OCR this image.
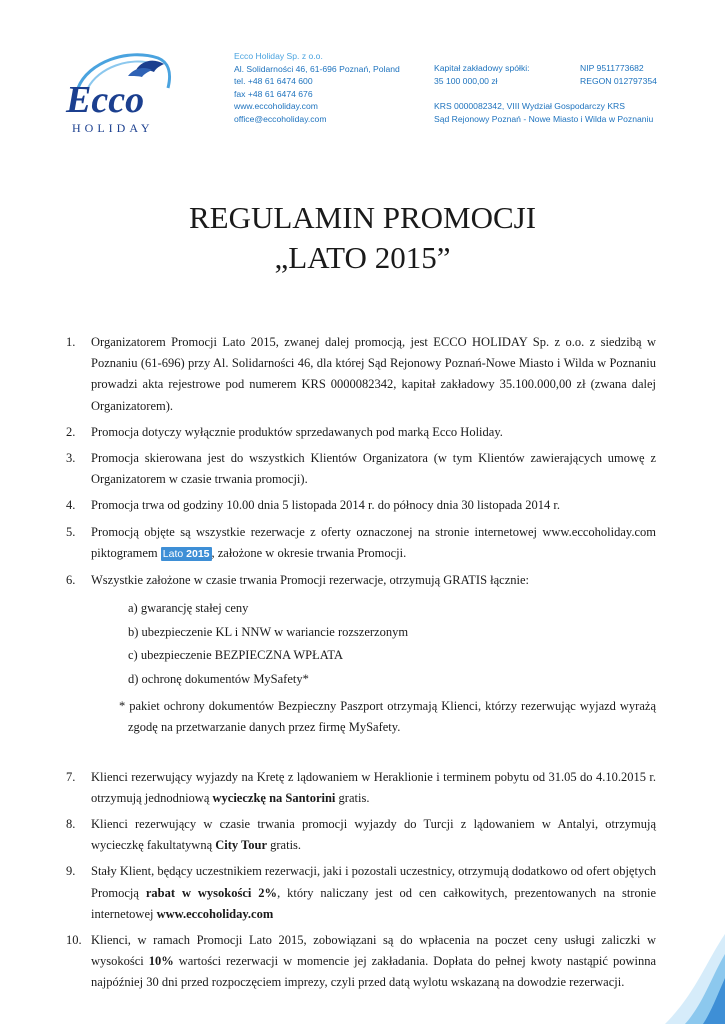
Ecco
HOLIDAY
Ecco Holiday Sp. z o.o.
Al. Solidarności 46, 61-696 Poznań, Poland
tel. +48 61 6474 600
fax +48 61 6474 676
www.eccoholiday.com
office@eccoholiday.com
Kapitał zakładowy spółki:
35 100 000,00 zł
NIP 9511773682
REGON 012797354
KRS 0000082342, VIII Wydział Gospodarczy KRS
Sąd Rejonowy Poznań - Nowe Miasto i Wilda w Poznaniu
REGULAMIN PROMOCJI
„LATO 2015”
1. Organizatorem Promocji Lato 2015, zwanej dalej promocją, jest ECCO HOLIDAY Sp. z o.o. z siedzibą w Poznaniu (61-696) przy Al. Solidarności 46, dla której Sąd Rejonowy Poznań-Nowe Miasto i Wilda w Poznaniu prowadzi akta rejestrowe pod numerem KRS 0000082342, kapitał zakładowy 35.100.000,00 zł (zwana dalej Organizatorem).
2. Promocja dotyczy wyłącznie produktów sprzedawanych pod marką Ecco Holiday.
3. Promocja skierowana jest do wszystkich Klientów Organizatora (w tym Klientów zawierających umowę z Organizatorem w czasie trwania promocji).
4. Promocja trwa od godziny 10.00 dnia 5 listopada 2014 r. do północy dnia 30 listopada 2014 r.
5. Promocją objęte są wszystkie rezerwacje z oferty oznaczonej na stronie internetowej www.eccoholiday.com piktogramem Lato 2015 , założone w okresie trwania Promocji.
6. Wszystkie założone w czasie trwania Promocji rezerwacje, otrzymują GRATIS łącznie:
a) gwarancję stałej ceny
b) ubezpieczenie KL i NNW w wariancie rozszerzonym
c) ubezpieczenie BEZPIECZNA WPŁATA
d) ochronę dokumentów MySafety*
* pakiet ochrony dokumentów Bezpieczny Paszport otrzymają Klienci, którzy rezerwując wyjazd wyrażą zgodę na przetwarzanie danych przez firmę MySafety.
7. Klienci rezerwujący wyjazdy na Kretę z lądowaniem w Heraklionie i terminem pobytu od 31.05 do 4.10.2015 r. otrzymują jednodniową wycieczkę na Santorini gratis.
8. Klienci rezerwujący w czasie trwania promocji wyjazdy do Turcji z lądowaniem w Antalyi, otrzymują wycieczkę fakultatywną City Tour gratis.
9. Stały Klient, będący uczestnikiem rezerwacji, jaki i pozostali uczestnicy, otrzymują dodatkowo od ofert objętych Promocją rabat w wysokości 2%, który naliczany jest od cen całkowitych, prezentowanych na stronie internetowej www.eccoholiday.com
10. Klienci, w ramach Promocji Lato 2015, zobowiązani są do wpłacenia na poczet ceny usługi zaliczki w wysokości 10% wartości rezerwacji w momencie jej zakładania. Dopłata do pełnej kwoty nastąpić powinna najpóźniej 30 dni przed rozpoczęciem imprezy, czyli przed datą wylotu wskazaną na dowodzie rezerwacji.
